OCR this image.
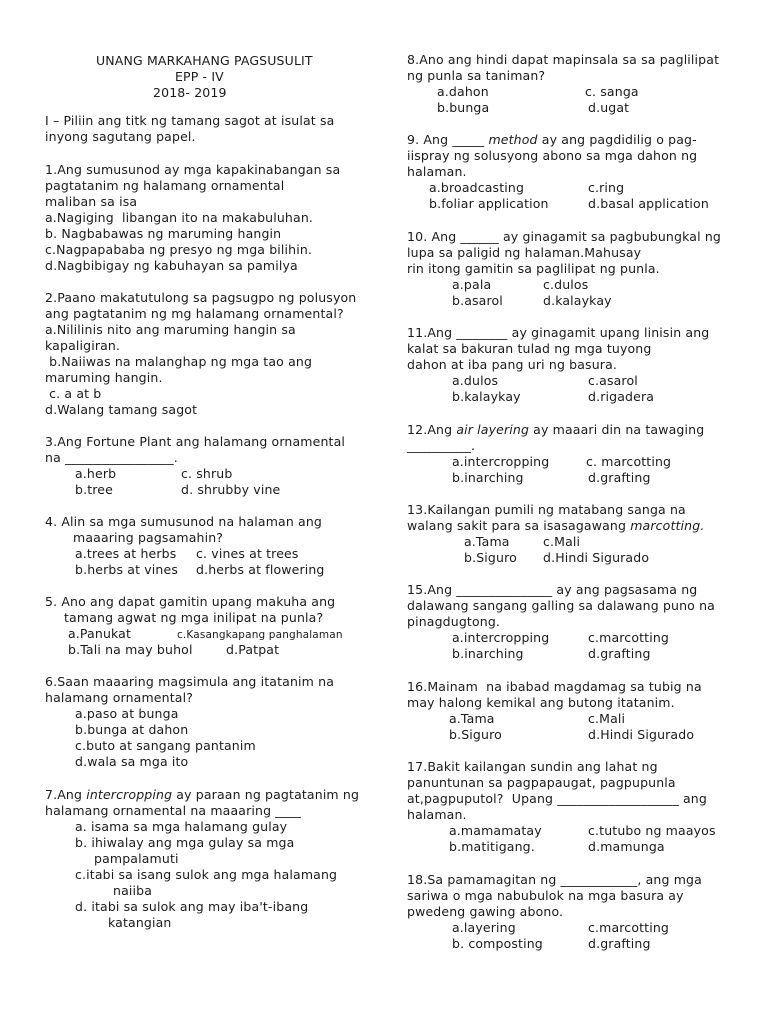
UNANG MARKAHANG PAGSUSULIT
EPP - IV
2018- 2019
I – Piliin ang titk ng tamang sagot at isulat sa
inyong sagutang papel.
1.Ang sumusunod ay mga kapakinabangan sa
pagtatanim ng halamang ornamental
maliban sa isa
a.Nagiging  libangan ito na makabuluhan.
b. Nagbabawas ng maruming hangin
c.Nagpapababa ng presyo ng mga bilihin.
d.Nagbibigay ng kabuhayan sa pamilya
2.Paano makatutulong sa pagsugpo ng polusyon
ang pagtatanim ng mg halamang ornamental?
a.Nililinis nito ang maruming hangin sa
kapaligiran.
b.Naiiwas na malanghap ng mga tao ang
maruming hangin.
c. a at b
d.Walang tamang sagot
3.Ang Fortune Plant ang halamang ornamental
na _________________.
a.herb	c. shrub
b.tree	d. shrubby vine
4. Alin sa mga sumusunod na halaman ang
maaaring pagsamahin?
a.trees at herbs c. vines at trees
b.herbs at vines d.herbs at flowering
5. Ano ang dapat gamitin upang makuha ang
tamang agwat ng mga inilipat na punla?
a.Panukat	c.Kasangkapang panghalaman
b.Tali na may buhol	d.Patpat
6.Saan maaaring magsimula ang itatanim na
halamang ornamental?
a.paso at bunga
b.bunga at dahon
c.buto at sangang pantanim
d.wala sa mga ito
7.Ang intercropping ay paraan ng pagtatanim ng
halamang ornamental na maaaring ____
a. isama sa mga halamang gulay
b. ihiwalay ang mga gulay sa mga
pampalamuti
c.itabi sa isang sulok ang mga halamang
naiiba
d. itabi sa sulok ang may iba't-ibang
katangian
8.Ano ang hindi dapat mapinsala sa sa paglilipat
ng punla sa taniman?
a.dahon	c. sanga
b.bunga	d.ugat
9. Ang _____ method ay ang pagdidilig o pag-
iispray ng solusyong abono sa mga dahon ng
halaman.
a.broadcasting	c.ring
b.foliar application	d.basal application
10. Ang ______ ay ginagamit sa pagbubungkal ng
lupa sa paligid ng halaman.Mahusay
rin itong gamitin sa paglilipat ng punla.
a.pala	c.dulos
b.asarol	d.kalaykay
11.Ang ________ ay ginagamit upang linisin ang
kalat sa bakuran tulad ng mga tuyong
dahon at iba pang uri ng basura.
a.dulos	c.asarol
b.kalaykay	d.rigadera
12.Ang air layering ay maaari din na tawaging
__________.
a.intercropping	c. marcotting
b.inarching	d.grafting
13.Kailangan pumili ng matabang sanga na
walang sakit para sa isasagawang marcotting.
a.Tama	c.Mali
b.Siguro d.Hindi Sigurado
15.Ang _______________ ay ang pagsasama ng
dalawang sangang galling sa dalawang puno na
pinagdugtong.
a.intercropping	c.marcotting
b.inarching	d.grafting
16.Mainam  na ibabad magdamag sa tubig na
may halong kemikal ang butong itatanim.
a.Tama	c.Mali
b.Siguro	d.Hindi Sigurado
17.Bakit kailangan sundin ang lahat ng
panuntunan sa pagpapaugat, pagpupunla
at,pagpuputol?  Upang ___________________ ang
halaman.
a.mamamatay	c.tutubo ng maayos
b.matitigang.	d.mamunga
18.Sa pamamagitan ng ____________, ang mga
sariwa o mga nabubulok na mga basura ay
pwedeng gawing abono.
a.layering	c.marcotting
b. composting	d.grafting
